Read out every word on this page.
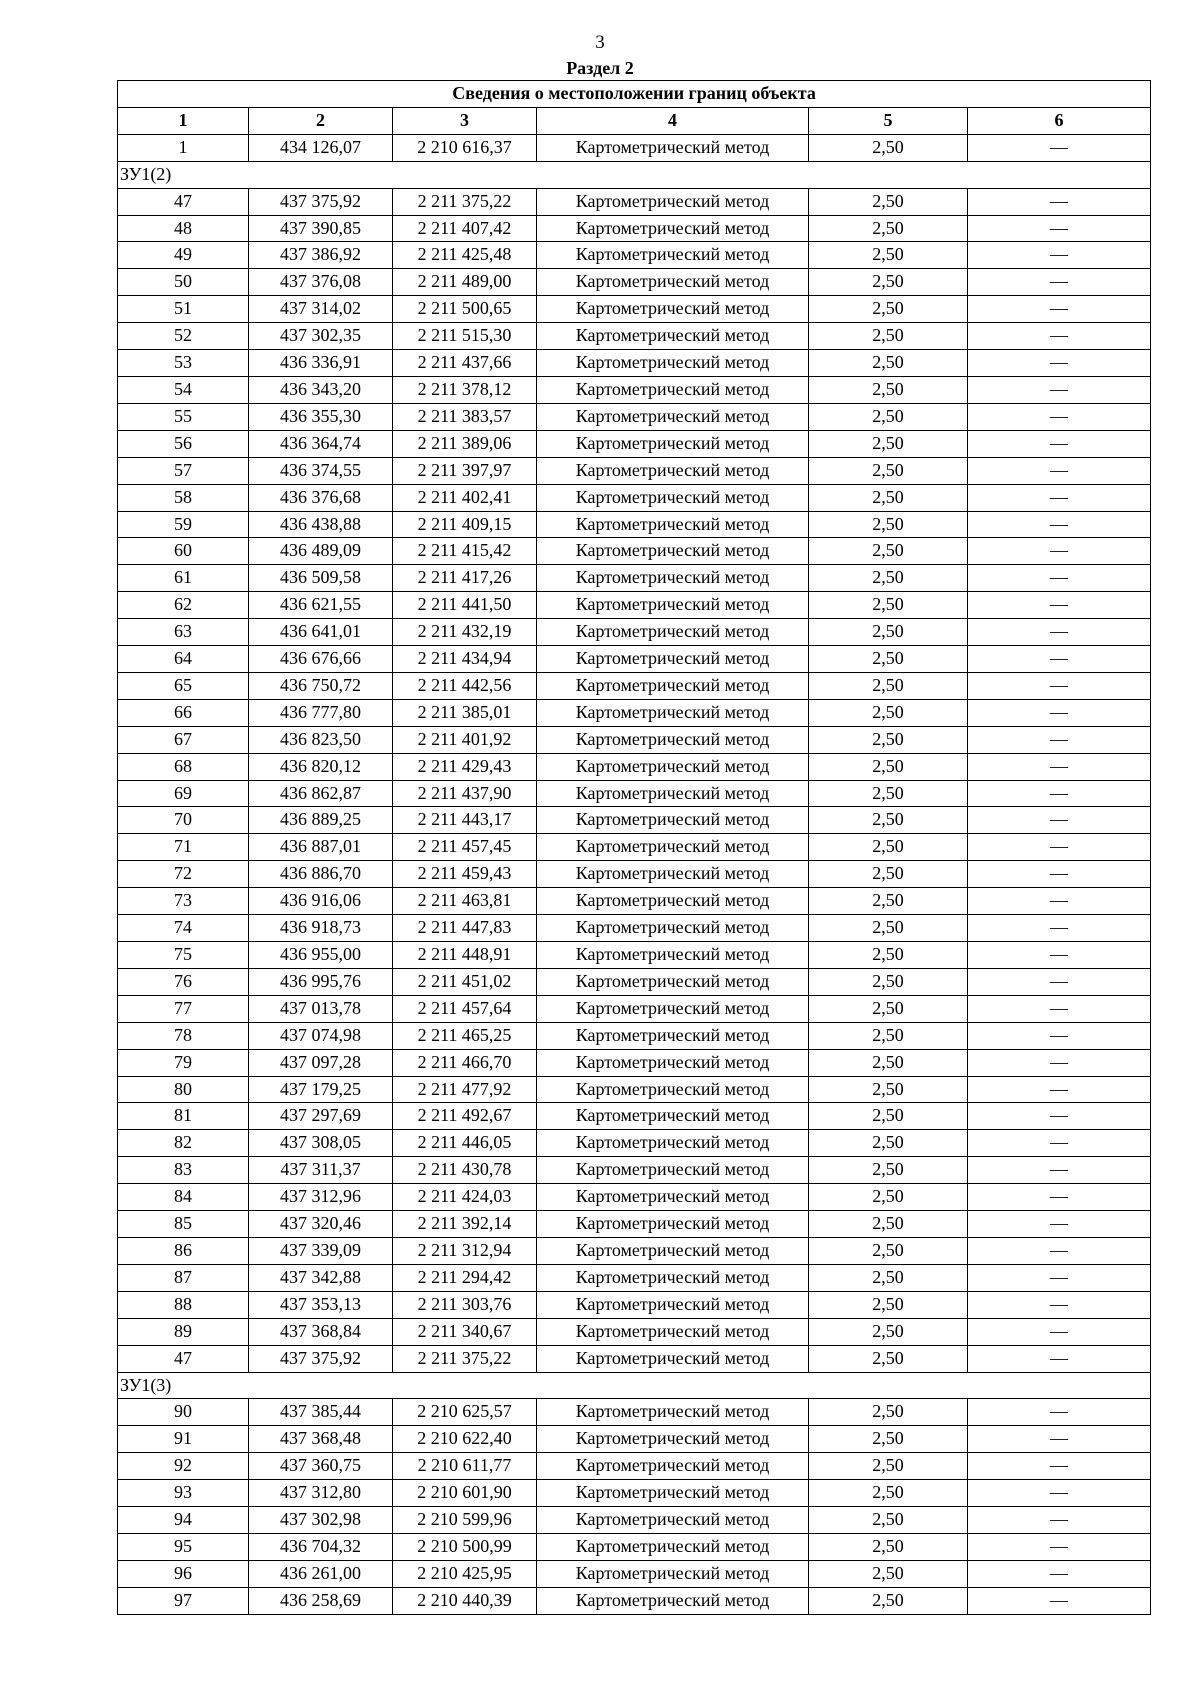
3
Раздел 2
Сведения о местоположении границ объекта					
1	2	3	4	5	6
1	434 126,07	2 210 616,37	Картометрический метод	2,50	—
ЗУ1(2)					
47	437 375,92	2 211 375,22	Картометрический метод	2,50	—
48	437 390,85	2 211 407,42	Картометрический метод	2,50	—
49	437 386,92	2 211 425,48	Картометрический метод	2,50	—
50	437 376,08	2 211 489,00	Картометрический метод	2,50	—
51	437 314,02	2 211 500,65	Картометрический метод	2,50	—
52	437 302,35	2 211 515,30	Картометрический метод	2,50	—
53	436 336,91	2 211 437,66	Картометрический метод	2,50	—
54	436 343,20	2 211 378,12	Картометрический метод	2,50	—
55	436 355,30	2 211 383,57	Картометрический метод	2,50	—
56	436 364,74	2 211 389,06	Картометрический метод	2,50	—
57	436 374,55	2 211 397,97	Картометрический метод	2,50	—
58	436 376,68	2 211 402,41	Картометрический метод	2,50	—
59	436 438,88	2 211 409,15	Картометрический метод	2,50	—
60	436 489,09	2 211 415,42	Картометрический метод	2,50	—
61	436 509,58	2 211 417,26	Картометрический метод	2,50	—
62	436 621,55	2 211 441,50	Картометрический метод	2,50	—
63	436 641,01	2 211 432,19	Картометрический метод	2,50	—
64	436 676,66	2 211 434,94	Картометрический метод	2,50	—
65	436 750,72	2 211 442,56	Картометрический метод	2,50	—
66	436 777,80	2 211 385,01	Картометрический метод	2,50	—
67	436 823,50	2 211 401,92	Картометрический метод	2,50	—
68	436 820,12	2 211 429,43	Картометрический метод	2,50	—
69	436 862,87	2 211 437,90	Картометрический метод	2,50	—
70	436 889,25	2 211 443,17	Картометрический метод	2,50	—
71	436 887,01	2 211 457,45	Картометрический метод	2,50	—
72	436 886,70	2 211 459,43	Картометрический метод	2,50	—
73	436 916,06	2 211 463,81	Картометрический метод	2,50	—
74	436 918,73	2 211 447,83	Картометрический метод	2,50	—
75	436 955,00	2 211 448,91	Картометрический метод	2,50	—
76	436 995,76	2 211 451,02	Картометрический метод	2,50	—
77	437 013,78	2 211 457,64	Картометрический метод	2,50	—
78	437 074,98	2 211 465,25	Картометрический метод	2,50	—
79	437 097,28	2 211 466,70	Картометрический метод	2,50	—
80	437 179,25	2 211 477,92	Картометрический метод	2,50	—
81	437 297,69	2 211 492,67	Картометрический метод	2,50	—
82	437 308,05	2 211 446,05	Картометрический метод	2,50	—
83	437 311,37	2 211 430,78	Картометрический метод	2,50	—
84	437 312,96	2 211 424,03	Картометрический метод	2,50	—
85	437 320,46	2 211 392,14	Картометрический метод	2,50	—
86	437 339,09	2 211 312,94	Картометрический метод	2,50	—
87	437 342,88	2 211 294,42	Картометрический метод	2,50	—
88	437 353,13	2 211 303,76	Картометрический метод	2,50	—
89	437 368,84	2 211 340,67	Картометрический метод	2,50	—
47	437 375,92	2 211 375,22	Картометрический метод	2,50	—
ЗУ1(3)					
90	437 385,44	2 210 625,57	Картометрический метод	2,50	—
91	437 368,48	2 210 622,40	Картометрический метод	2,50	—
92	437 360,75	2 210 611,77	Картометрический метод	2,50	—
93	437 312,80	2 210 601,90	Картометрический метод	2,50	—
94	437 302,98	2 210 599,96	Картометрический метод	2,50	—
95	436 704,32	2 210 500,99	Картометрический метод	2,50	—
96	436 261,00	2 210 425,95	Картометрический метод	2,50	—
97	436 258,69	2 210 440,39	Картометрический метод	2,50	—
